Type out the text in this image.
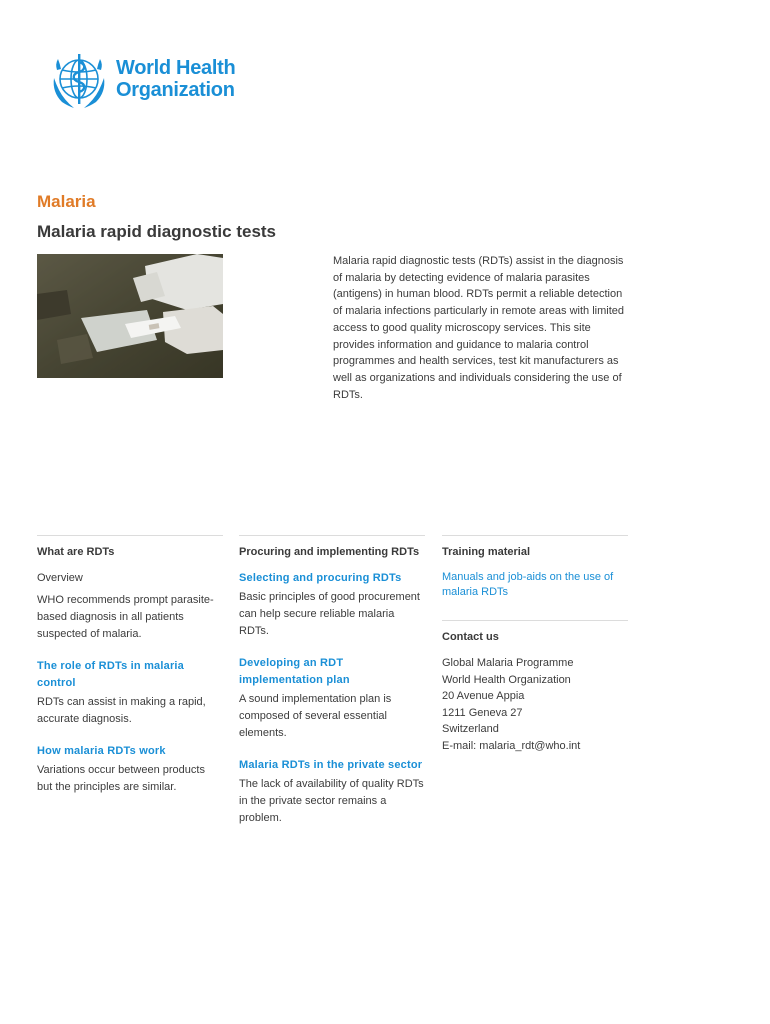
World Health
Organization
Malaria
Malaria rapid diagnostic tests
Malaria rapid diagnostic tests (RDTs) assist in the diagnosis of malaria by detecting evidence of malaria parasites (antigens) in human blood. RDTs permit a reliable detection of malaria infections particularly in remote areas with limited access to good quality microscopy services. This site provides information and guidance to malaria control programmes and health services, test kit manufacturers as well as organizations and individuals considering the use of RDTs.
What are RDTs
Overview
WHO recommends prompt parasite-based diagnosis in all patients suspected of malaria.
The role of RDTs in malaria control
RDTs can assist in making a rapid, accurate diagnosis.
How malaria RDTs work
Variations occur between products but the principles are similar.
Procuring and implementing RDTs
Selecting and procuring RDTs
Basic principles of good procurement can help secure reliable malaria RDTs.
Developing an RDT implementation plan
A sound implementation plan is composed of several essential elements.
Malaria RDTs in the private sector
The lack of availability of quality RDTs in the private sector remains a problem.
Training material
Manuals and job-aids on the use of malaria RDTs
Contact us
Global Malaria Programme
World Health Organization
20 Avenue Appia
1211 Geneva 27
Switzerland
E-mail: malaria_rdt@who.int
